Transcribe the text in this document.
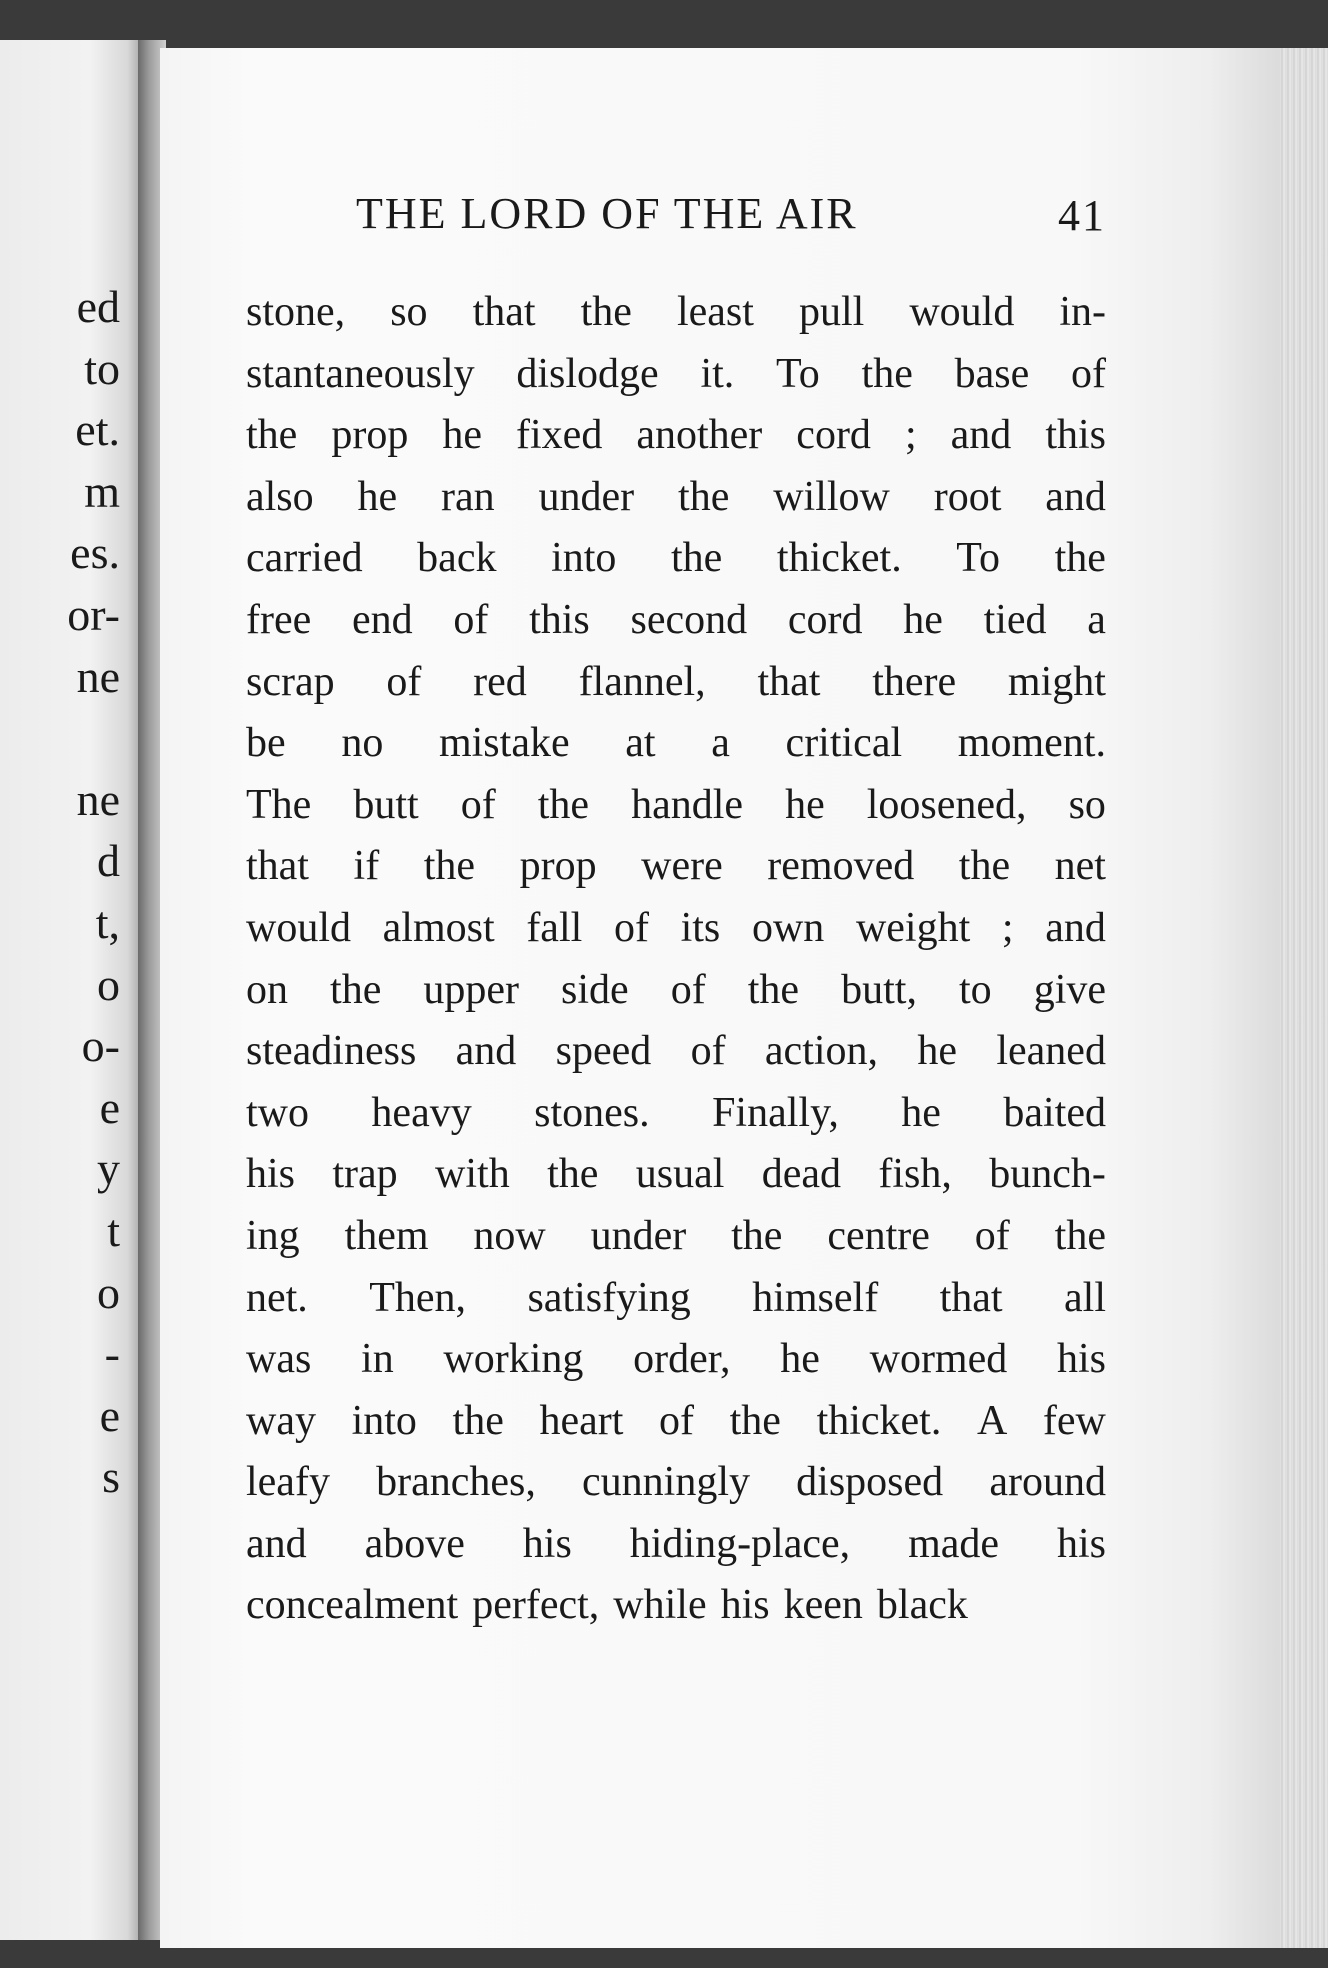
ed
to
et.
m
es.
or-
ne
ne
d
t,
o
o-
e
y
t
o
-
e
s
THE LORD OF THE AIR	41
stone, so that the least pull would in-
stantaneously dislodge it. To the base of
the prop he fixed another cord ; and this
also he ran under the willow root and
carried back into the thicket. To the
free end of this second cord he tied a
scrap of red flannel, that there might
be no mistake at a critical moment.
The butt of the handle he loosened, so
that if the prop were removed the net
would almost fall of its own weight ; and
on the upper side of the butt, to give
steadiness and speed of action, he leaned
two heavy stones. Finally, he baited
his trap with the usual dead fish, bunch-
ing them now under the centre of the
net. Then, satisfying himself that all
was in working order, he wormed his
way into the heart of the thicket. A few
leafy branches, cunningly disposed around
and above his hiding-place, made his
concealment perfect, while his keen black
